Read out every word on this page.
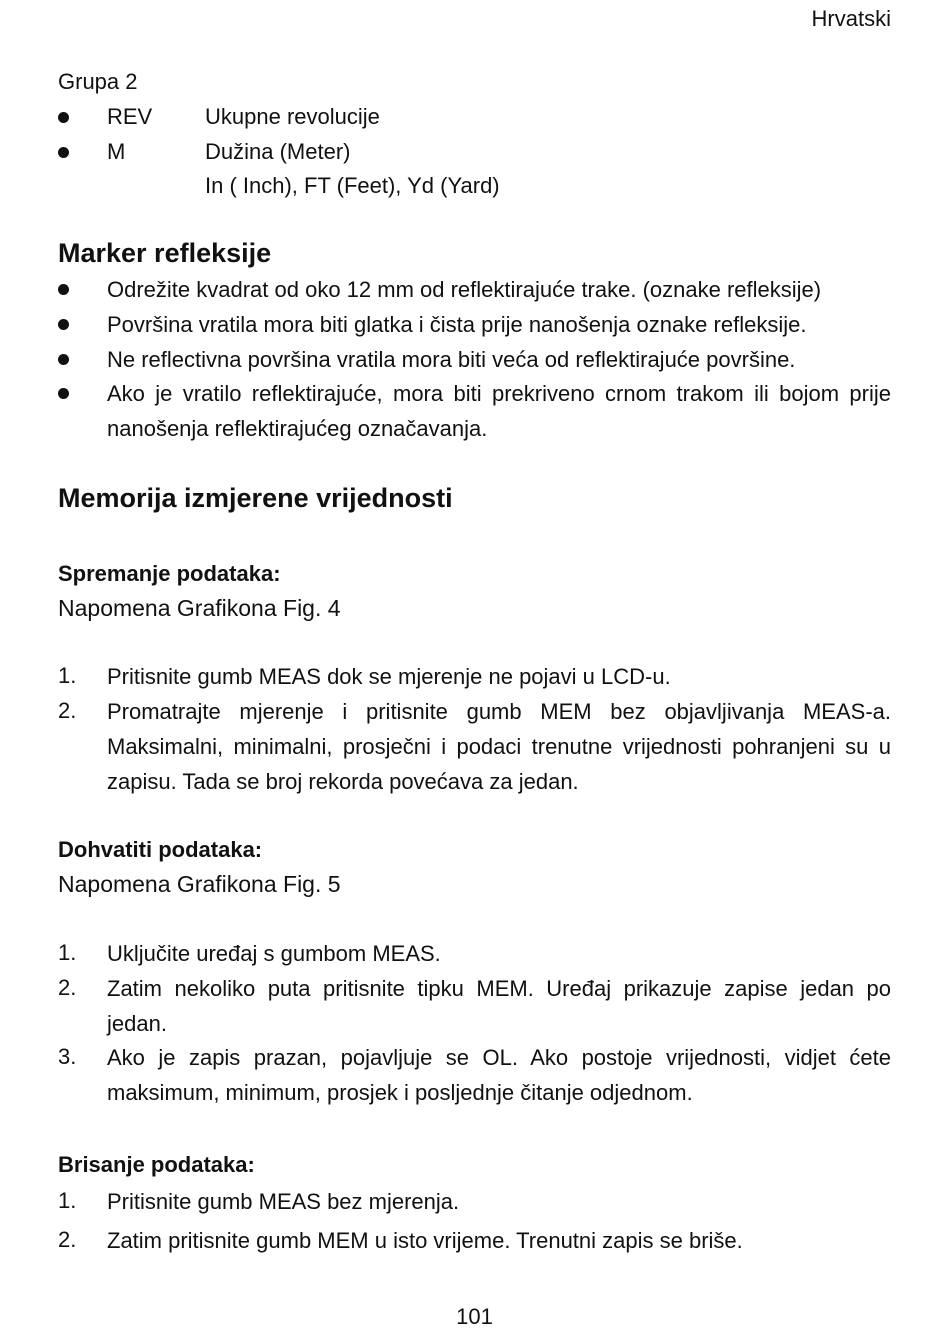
Hrvatski
Grupa 2
REV Ukupne revolucije
M	Dužina (Meter)
In ( Inch), FT (Feet), Yd (Yard)
Marker refleksije
Odrežite kvadrat od oko 12 mm od reflektirajuće trake. (oznake refleksije)
Površina vratila mora biti glatka i čista prije nanošenja oznake refleksije.
Ne reflectivna površina vratila mora biti veća od reflektirajuće površine.
Ako je vratilo reflektirajuće, mora biti prekriveno crnom trakom ili bojom prije nanošenja reflektirajućeg označavanja.
Memorija izmjerene vrijednosti
Spremanje podataka:
Napomena Grafikona Fig. 4
1. Pritisnite gumb MEAS dok se mjerenje ne pojavi u LCD-u.
2. Promatrajte mjerenje i pritisnite gumb MEM bez objavljivanja MEAS-a. Maksimalni, minimalni, prosječni i podaci trenutne vrijednosti pohranjeni su u zapisu. Tada se broj rekorda povećava za jedan.
Dohvatiti podataka:
Napomena Grafikona Fig. 5
1. Uključite uređaj s gumbom MEAS.
2. Zatim nekoliko puta pritisnite tipku MEM. Uređaj prikazuje zapise jedan po jedan.
3. Ako je zapis prazan, pojavljuje se OL. Ako postoje vrijednosti, vidjet ćete maksimum, minimum, prosjek i posljednje čitanje odjednom.
Brisanje podataka:
1. Pritisnite gumb MEAS bez mjerenja.
2. Zatim pritisnite gumb MEM u isto vrijeme. Trenutni zapis se briše.
101
